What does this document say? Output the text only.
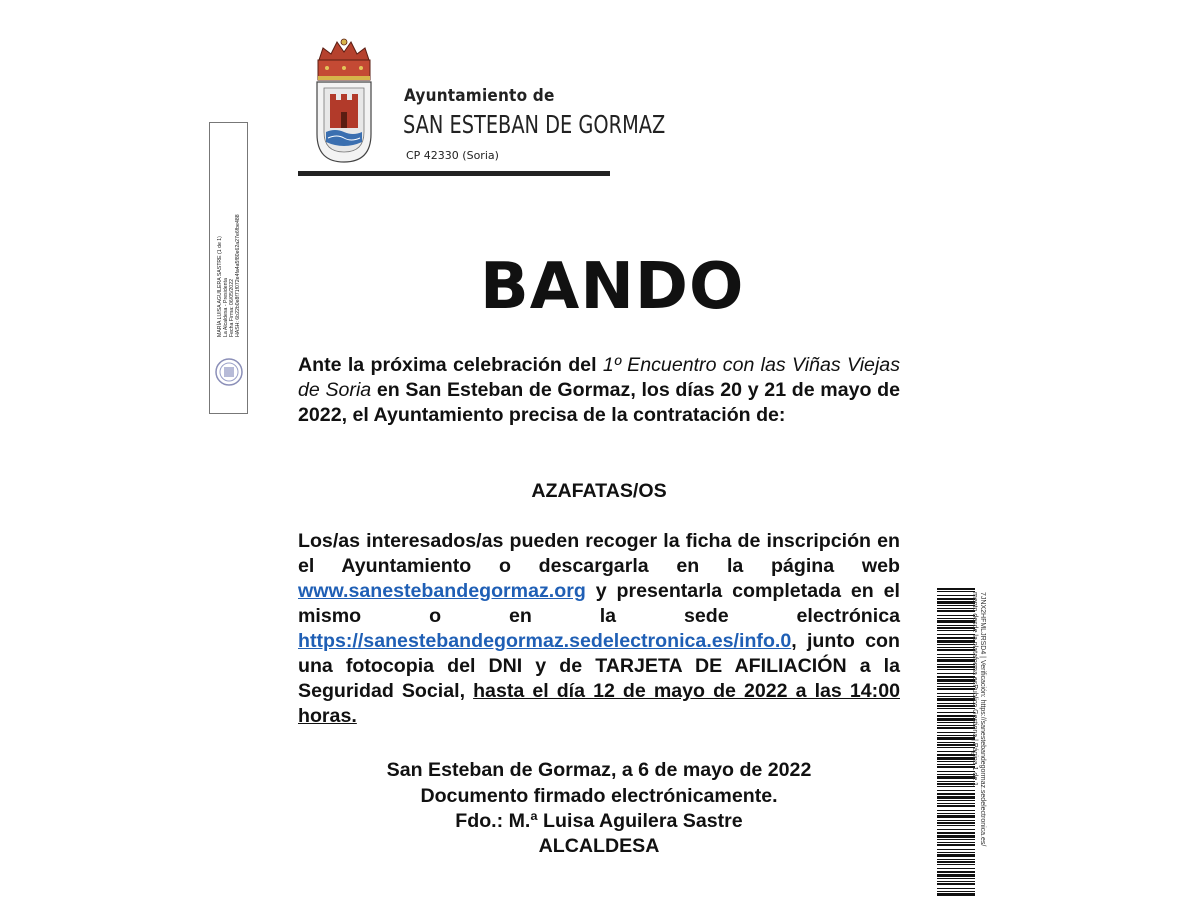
MARÍA LUISA AGUILERA SASTRE (1 de 1) La Alcaldesa - Presidenta Fecha Firma: 06/05/2022 HASH: 6b22b0e8f71f072e4fa4a5f80e62a27e6fbe488
Ayuntamiento de
SAN ESTEBAN DE GORMAZ
CP 42330 (Soria)
BANDO
Ante la próxima celebración del 1º Encuentro con las Viñas Viejas de Soria en San Esteban de Gormaz, los días 20 y 21 de mayo de 2022, el Ayuntamiento precisa de la contratación de:
AZAFATAS/OS
Los/as interesados/as pueden recoger la ficha de inscripción en el Ayuntamiento o descargarla en la página web www.sanestebandegormaz.org y presentarla completada en el mismo o en la sede electrónica https://sanestebandegormaz.sedelectronica.es/info.0, junto con una fotocopia del DNI y de TARJETA DE AFILIACIÓN a la Seguridad Social, hasta el día 12 de mayo de 2022 a las 14:00 horas.
San Esteban de Gormaz, a 6 de mayo de 2022
Documento firmado electrónicamente.
Fdo.: M.ª Luisa Aguilera Sastre
ALCALDESA	7JNX2HFMLJRSD4 | Verificación: https://sanestebandegormaz.sedelectronica.es/
mento desde la plataforma esPublico Gestiona | Página 1 de 1
